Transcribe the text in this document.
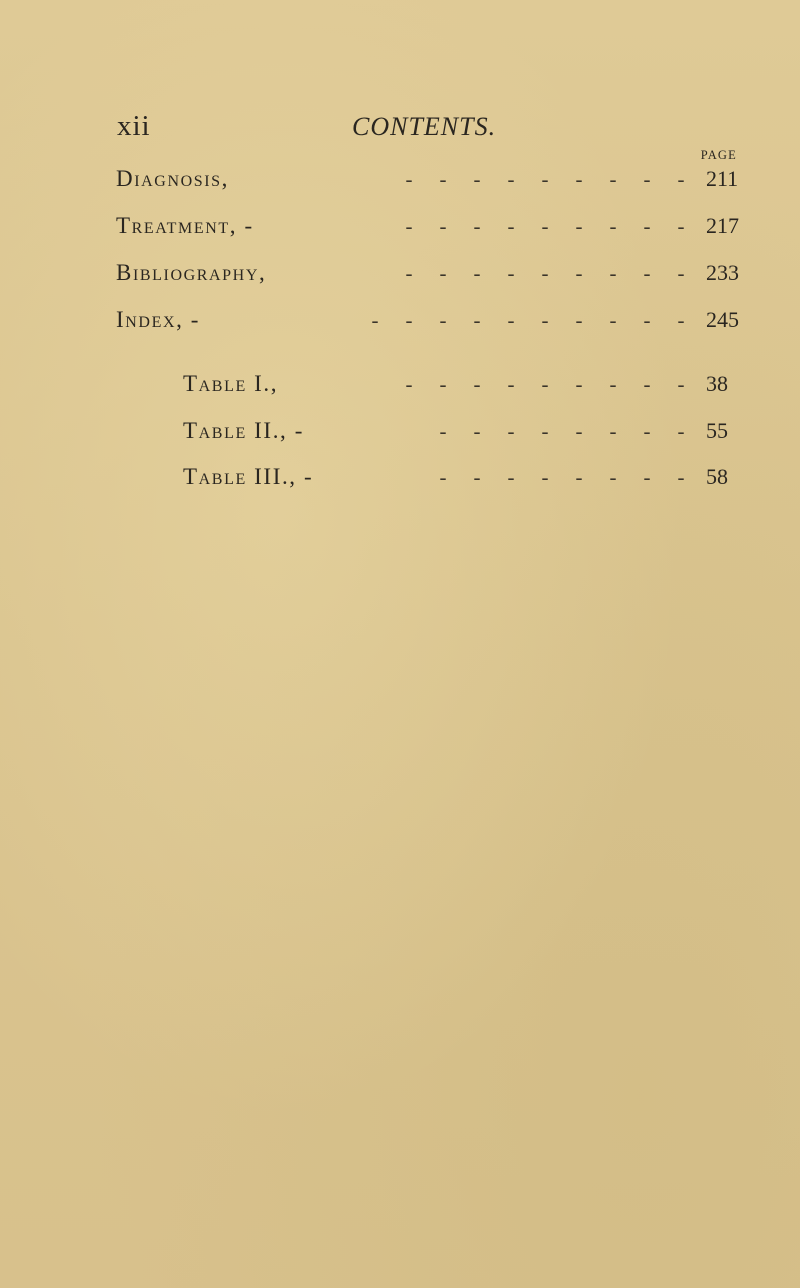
xii	CONTENTS.
PAGE
Diagnosis,	- - - - - - - - - 211
Treatment, -	- - - - - - - - - 217
Bibliography,	- - - - - - - - - 233
Index, -	- - - - - - - - - - 245
Table I.,	- - - - - - - - - 38
Table II., -	- - - - - - - - 55
Table III., -	- - - - - - - - 58
